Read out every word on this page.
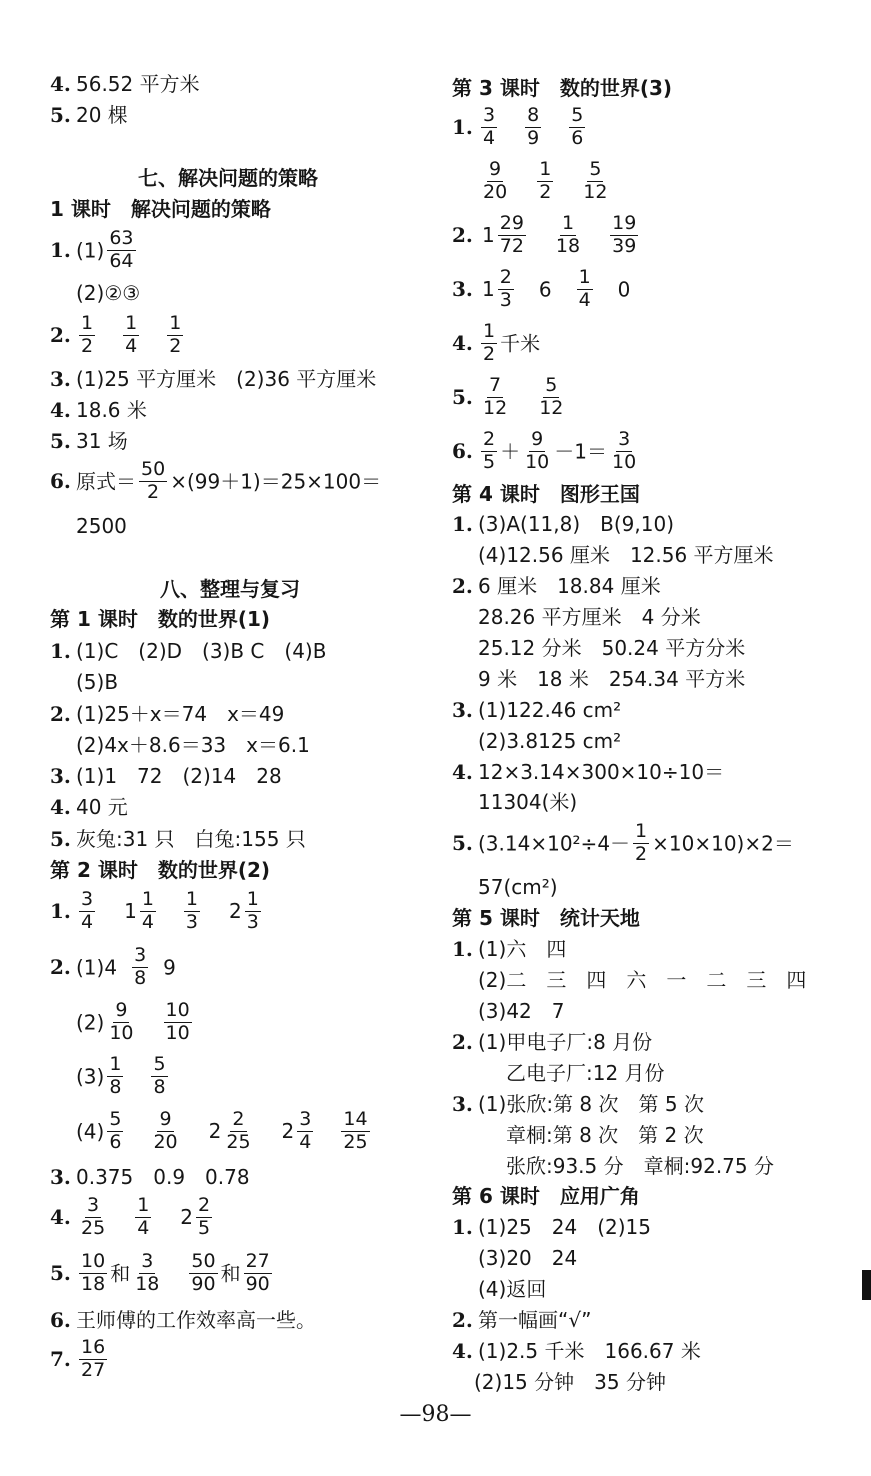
4. 56.52 平方米
5. 20 棵
七、解决问题的策略
1 课时　解决问题的策略
1. $(1) \frac{63}{64}$
(2)②③
2. $\frac{1}{2} \frac{1}{4} \frac{1}{2}$
3. (1)25 平方厘米　(2)36 平方厘米
4. 18.6 米
5. 31 场
6. 原式＝ $\frac{50}{2} \times(99+1)=25\times 100=$
2500
八、整理与复习
第 1 课时　数的世界(1)
1. (1)C　(2)D　(3)B C　(4)B
(5)B
2. (1)25＋x＝74　x＝49
(2)4x＋8.6＝33　x＝6.1
3. (1)1　72　(2)14　28
4. 40 元
5. 灰兔:31 只　白兔:155 只
第 2 课时　数的世界(2)
1. $\frac{3}{4} 1 \frac{1}{4} \frac{1}{3} 2 \frac{1}{3}$
2. $(1)4 \frac{3}{8} 9$
$(2) \frac{9}{10} \frac{10}{10}$
$(3) \frac{1}{8} \frac{5}{8}$
$(4) \frac{5}{6} \frac{9}{20} 2 \frac{2}{25} 2 \frac{3}{4} \frac{14}{25}$
3. 0.375　0.9　0.78
4. $\frac{3}{25} \frac{1}{4} 2 \frac{2}{5}$
5. $\frac{10}{18}$ 和 $\frac{3}{18} \frac{50}{90}$ 和 $\frac{27}{90}$
6. 王师傅的工作效率高一些。
7. $\frac{16}{27}$
第 3 课时　数的世界(3)
1. $\frac{3}{4} \frac{8}{9} \frac{5}{6}$
$\frac{9}{20} \frac{1}{2} \frac{5}{12}$
2. $1 \frac{29}{72} \frac{1}{18} \frac{19}{39}$
3. $1 \frac{2}{3} 6 \frac{1}{4} 0$
4. $\frac{1}{2}$ 千米
5. $\frac{7}{12} \frac{5}{12}$
6. $\frac{2}{5} + \frac{9}{10} -1= \frac{3}{10}$
第 4 课时　图形王国
1. (3)A(11,8)　B(9,10)
(4)12.56 厘米　12.56 平方厘米
2. 6 厘米　18.84 厘米
28.26 平方厘米　4 分米
25.12 分米　50.24 平方分米
9 米　18 米　254.34 平方米
3. (1)122.46 cm²
(2)3.8125 cm²
4. 12×3.14×300×10÷10＝
11304(米)
5. $(3.14\times 10^2\div 4- \frac{1}{2} \times 10\times 10)\times 2=$
57(cm²)
第 5 课时　统计天地
1. (1)六　四
(2)二　三　四　六　一　二　三　四
(3)42　7
2. (1)甲电子厂:8 月份
乙电子厂:12 月份
3. (1)张欣:第 8 次　第 5 次
章桐:第 8 次　第 2 次
张欣:93.5 分　章桐:92.75 分
第 6 课时　应用广角
1. (1)25　24　(2)15
(3)20　24
(4)返回
2. 第一幅画“√”
4. (1)2.5 千米　166.67 米
(2)15 分钟　35 分钟
—98—
